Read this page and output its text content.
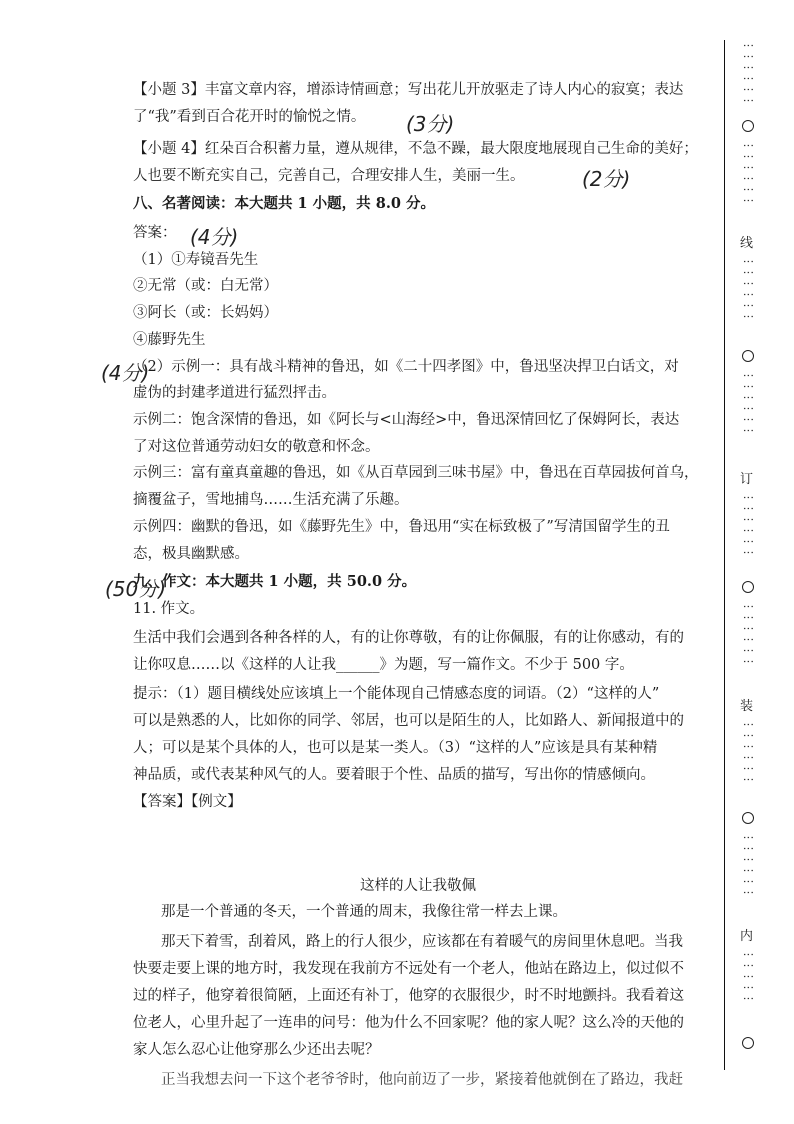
【小题 3】丰富文章内容，增添诗情画意；写出花儿开放驱走了诗人内心的寂寞；表达
了“我”看到百合花开时的愉悦之情。
【小题 4】红朵百合积蓄力量，遵从规律，不急不躁，最大限度地展现自己生命的美好；
人也要不断充实自己，完善自己，合理安排人生，美丽一生。
八、名著阅读：本大题共 1 小题，共 8.0 分。
答案：
（1）①寿镜吾先生
②无常（或：白无常）
③阿长（或：长妈妈）
④藤野先生
（2）示例一：具有战斗精神的鲁迅，如《二十四孝图》中，鲁迅坚决捍卫白话文，对
虚伪的封建孝道进行猛烈抨击。
示例二：饱含深情的鲁迅，如《阿长与<山海经>中，鲁迅深情回忆了保姆阿长，表达
了对这位普通劳动妇女的敬意和怀念。
示例三：富有童真童趣的鲁迅，如《从百草园到三味书屋》中，鲁迅在百草园拔何首乌，
摘覆盆子，雪地捕鸟……生活充满了乐趣。
示例四：幽默的鲁迅，如《藤野先生》中，鲁迅用“实在标致极了”写清国留学生的丑
态，极具幽默感。
九、作文：本大题共 1 小题，共 50.0 分。
11. 作文。
生活中我们会遇到各种各样的人，有的让你尊敬，有的让你佩服，有的让你感动，有的
让你叹息……以《这样的人让我______》为题，写一篇作文。不少于 500 字。
提示：（1）题目横线处应该填上一个能体现自己情感态度的词语。（2）“这样的人”
可以是熟悉的人，比如你的同学、邻居，也可以是陌生的人，比如路人、新闻报道中的
人；可以是某个具体的人，也可以是某一类人。（3）“这样的人”应该是具有某种精
神品质，或代表某种风气的人。要着眼于个性、品质的描写，写出你的情感倾向。
【答案】【例文】
这样的人让我敬佩
那是一个普通的冬天，一个普通的周末，我像往常一样去上课。
那天下着雪，刮着风，路上的行人很少，应该都在有着暖气的房间里休息吧。当我
快要走要上课的地方时，我发现在我前方不远处有一个老人，他站在路边上，似过似不
过的样子，他穿着很简陋，上面还有补丁，他穿的衣服很少，时不时地颤抖。我看着这
位老人，心里升起了一连串的问号：他为什么不回家呢？他的家人呢？这么冷的天他的
家人怎么忍心让他穿那么少还出去呢？
正当我想去问一下这个老爷爷时，他向前迈了一步，紧接着他就倒在了路边，我赶
(3分)
(2分)
(4分)
(4分)
(50分)
⋮⋮⋮⋮⋮⋮
⋮⋮⋮⋮⋮⋮
线
⋮⋮⋮⋮⋮⋮
⋮⋮⋮⋮⋮⋮
订
⋮⋮⋮⋮⋮⋮
⋮⋮⋮⋮⋮⋮
装
⋮⋮⋮⋮⋮⋮
⋮⋮⋮⋮⋮⋮
内
⋮⋮⋮⋮⋮
